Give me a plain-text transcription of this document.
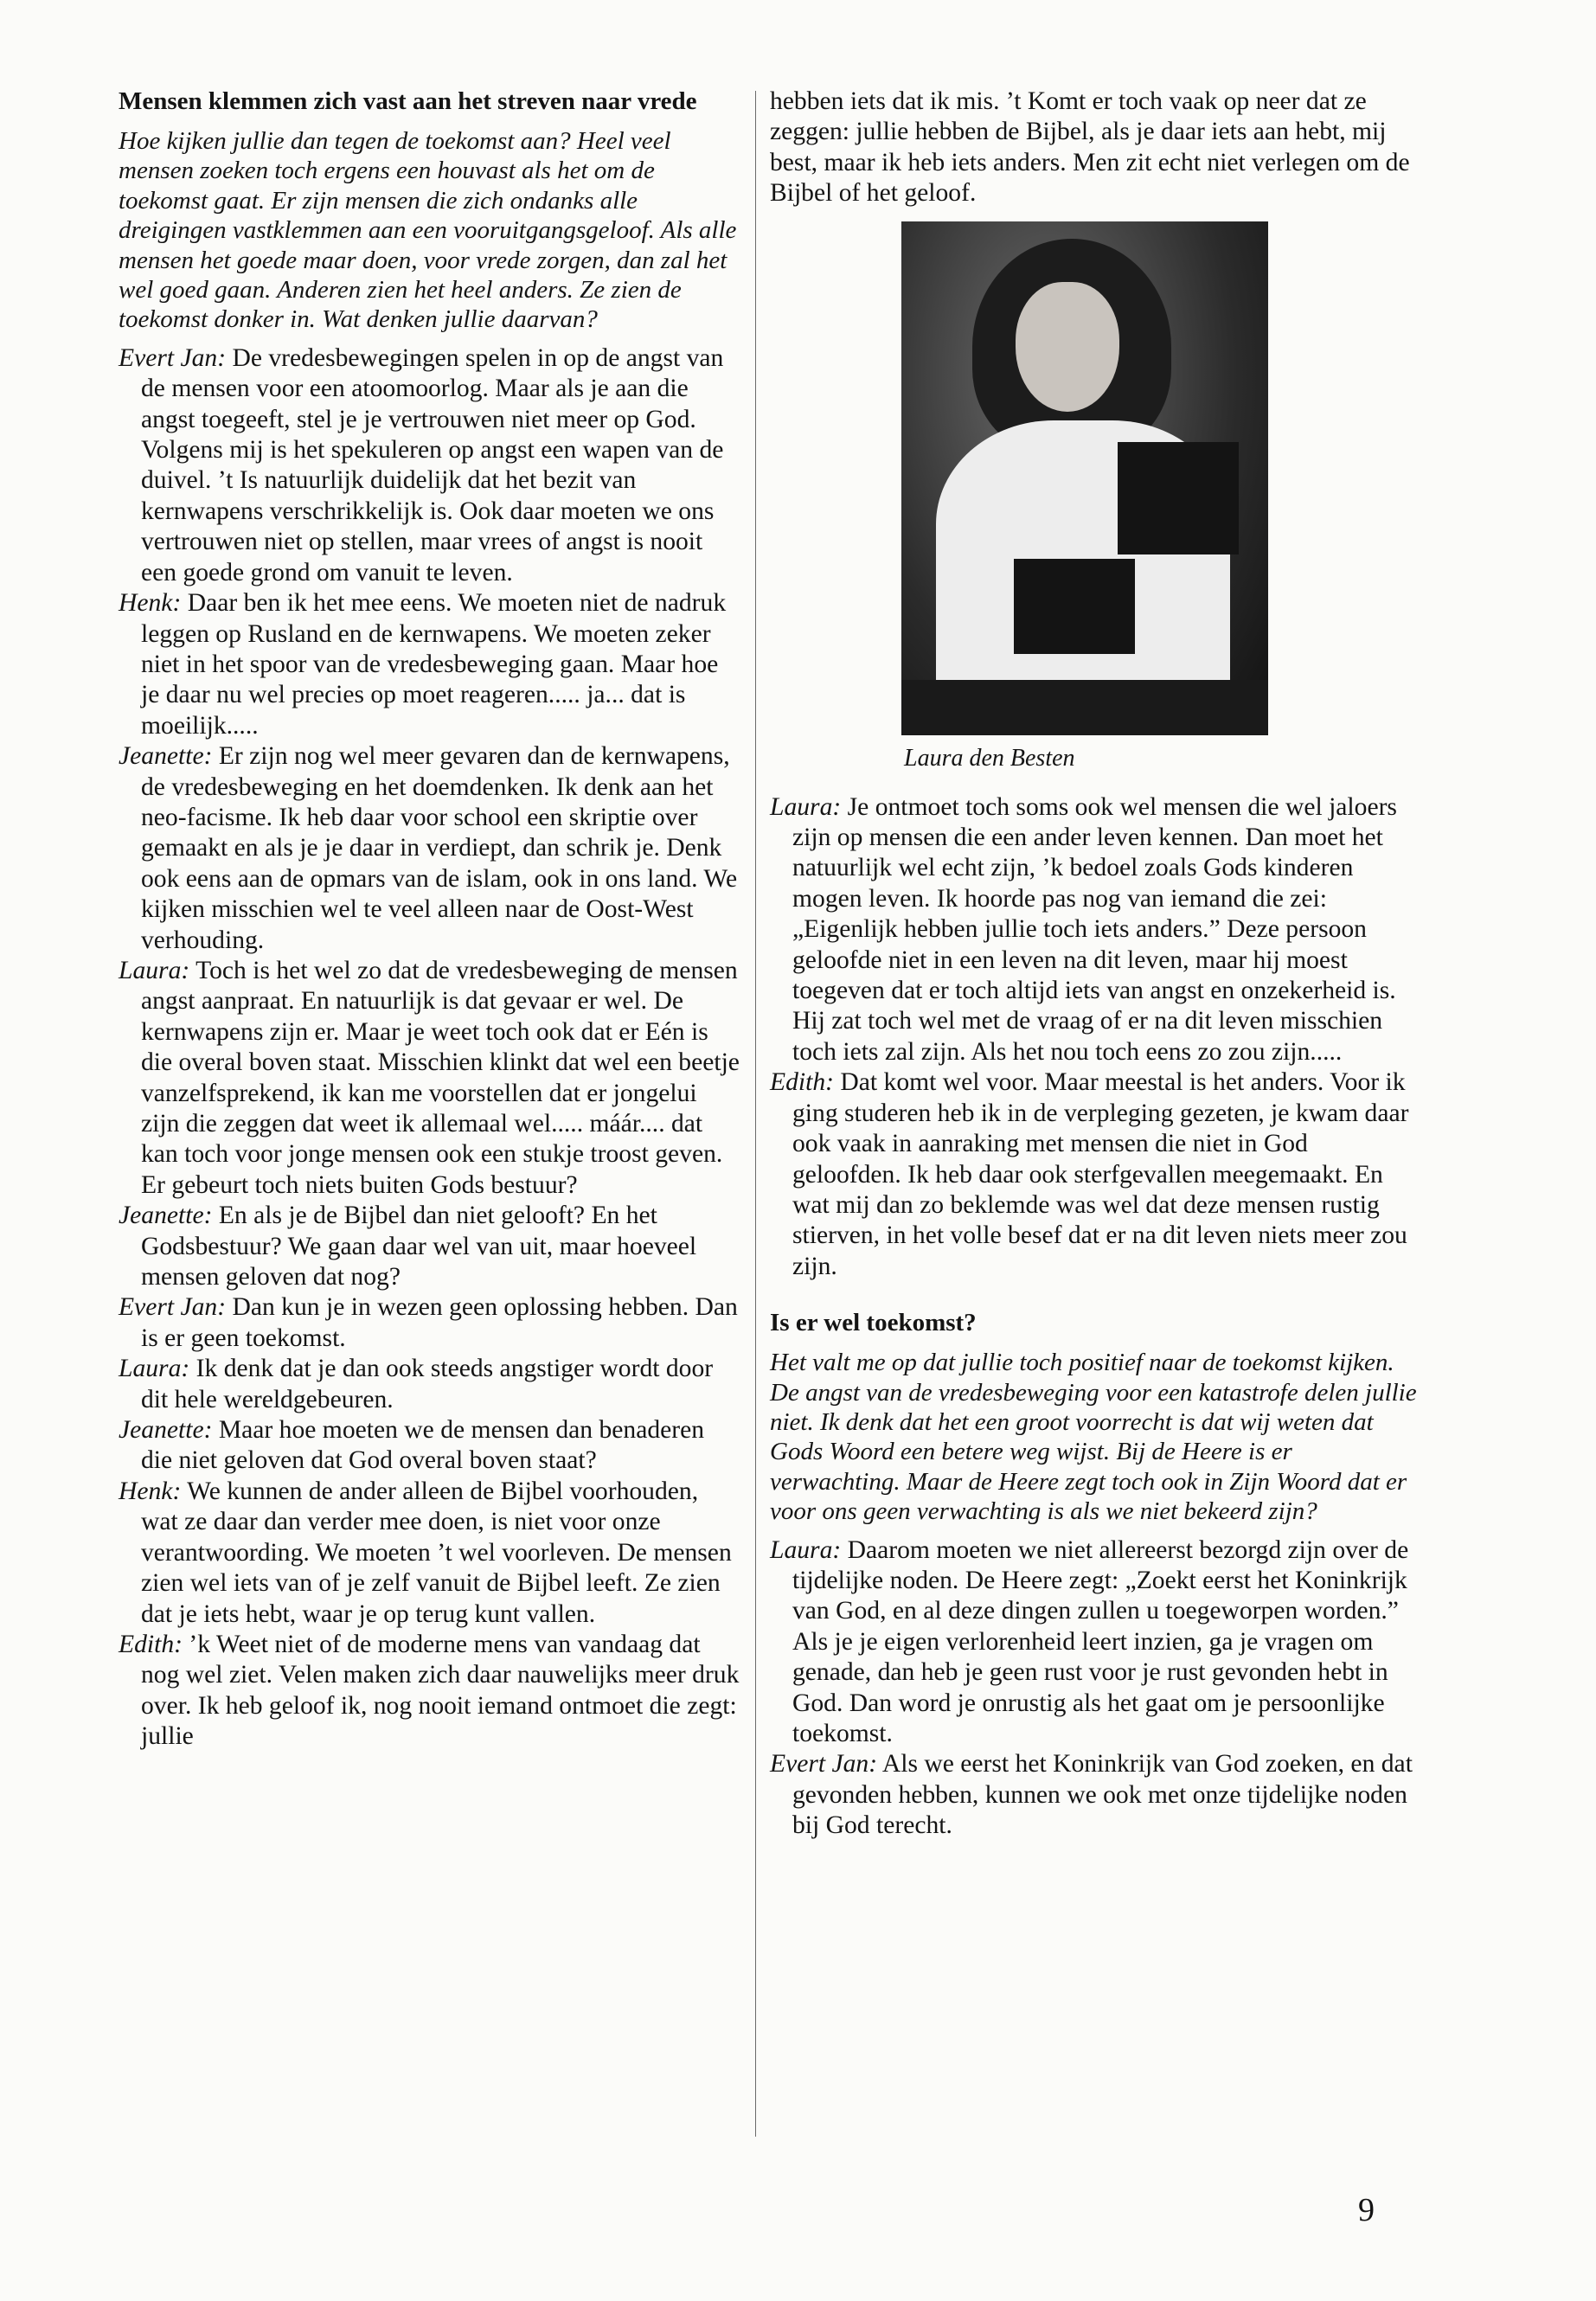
Mensen klemmen zich vast aan het streven naar vrede

Hoe kijken jullie dan tegen de toekomst aan? Heel veel mensen zoeken toch ergens een houvast als het om de toekomst gaat. Er zijn mensen die zich ondanks alle dreigingen vastklemmen aan een vooruitgangsgeloof. Als alle mensen het goede maar doen, voor vrede zorgen, dan zal het wel goed gaan. Anderen zien het heel anders. Ze zien de toekomst donker in. Wat denken jullie daarvan?

Evert Jan: De vredesbewegingen spelen in op de angst van de mensen voor een atoomoorlog. Maar als je aan die angst toegeeft, stel je je vertrouwen niet meer op God. Volgens mij is het spekuleren op angst een wapen van de duivel. ’t Is natuurlijk duidelijk dat het bezit van kernwapens verschrikkelijk is. Ook daar moeten we ons vertrouwen niet op stellen, maar vrees of angst is nooit een goede grond om vanuit te leven.

Henk: Daar ben ik het mee eens. We moeten niet de nadruk leggen op Rusland en de kernwapens. We moeten zeker niet in het spoor van de vredesbeweging gaan. Maar hoe je daar nu wel precies op moet reageren..... ja... dat is moeilijk.....

Jeanette: Er zijn nog wel meer gevaren dan de kernwapens, de vredesbeweging en het doemdenken. Ik denk aan het neo-facisme. Ik heb daar voor school een skriptie over gemaakt en als je je daar in verdiept, dan schrik je. Denk ook eens aan de opmars van de islam, ook in ons land. We kijken misschien wel te veel alleen naar de Oost-West verhouding.

Laura: Toch is het wel zo dat de vredesbeweging de mensen angst aanpraat. En natuurlijk is dat gevaar er wel. De kernwapens zijn er. Maar je weet toch ook dat er Eén is die overal boven staat. Misschien klinkt dat wel een beetje vanzelfsprekend, ik kan me voorstellen dat er jongelui zijn die zeggen dat weet ik allemaal wel..... máár.... dat kan toch voor jonge mensen ook een stukje troost geven. Er gebeurt toch niets buiten Gods bestuur?

Jeanette: En als je de Bijbel dan niet gelooft? En het Godsbestuur? We gaan daar wel van uit, maar hoeveel mensen geloven dat nog?

Evert Jan: Dan kun je in wezen geen oplossing hebben. Dan is er geen toekomst.

Laura: Ik denk dat je dan ook steeds angstiger wordt door dit hele wereldgebeuren.

Jeanette: Maar hoe moeten we de mensen dan benaderen die niet geloven dat God overal boven staat?

Henk: We kunnen de ander alleen de Bijbel voorhouden, wat ze daar dan verder mee doen, is niet voor onze verantwoording. We moeten ’t wel voorleven. De mensen zien wel iets van of je zelf vanuit de Bijbel leeft. Ze zien dat je iets hebt, waar je op terug kunt vallen.

Edith: ’k Weet niet of de moderne mens van vandaag dat nog wel ziet. Velen maken zich daar nauwelijks meer druk over. Ik heb geloof ik, nog nooit iemand ontmoet die zegt: jullie

hebben iets dat ik mis. ’t Komt er toch vaak op neer dat ze zeggen: jullie hebben de Bijbel, als je daar iets aan hebt, mij best, maar ik heb iets anders. Men zit echt niet verlegen om de Bijbel of het geloof.

Laura den Besten

Laura: Je ontmoet toch soms ook wel mensen die wel jaloers zijn op mensen die een ander leven kennen. Dan moet het natuurlijk wel echt zijn, ’k bedoel zoals Gods kinderen mogen leven. Ik hoorde pas nog van iemand die zei: „Eigenlijk hebben jullie toch iets anders.” Deze persoon geloofde niet in een leven na dit leven, maar hij moest toegeven dat er toch altijd iets van angst en onzekerheid is. Hij zat toch wel met de vraag of er na dit leven misschien toch iets zal zijn. Als het nou toch eens zo zou zijn.....

Edith: Dat komt wel voor. Maar meestal is het anders. Voor ik ging studeren heb ik in de verpleging gezeten, je kwam daar ook vaak in aanraking met mensen die niet in God geloofden. Ik heb daar ook sterfgevallen meegemaakt. En wat mij dan zo beklemde was wel dat deze mensen rustig stierven, in het volle besef dat er na dit leven niets meer zou zijn.

Is er wel toekomst?

Het valt me op dat jullie toch positief naar de toekomst kijken. De angst van de vredesbeweging voor een katastrofe delen jullie niet. Ik denk dat het een groot voorrecht is dat wij weten dat Gods Woord een betere weg wijst. Bij de Heere is er verwachting. Maar de Heere zegt toch ook in Zijn Woord dat er voor ons geen verwachting is als we niet bekeerd zijn?

Laura: Daarom moeten we niet allereerst bezorgd zijn over de tijdelijke noden. De Heere zegt: „Zoekt eerst het Koninkrijk van God, en al deze dingen zullen u toegeworpen worden.” Als je je eigen verlorenheid leert inzien, ga je vragen om genade, dan heb je geen rust voor je rust gevonden hebt in God. Dan word je onrustig als het gaat om je persoonlijke toekomst.

Evert Jan: Als we eerst het Koninkrijk van God zoeken, en dat gevonden hebben, kunnen we ook met onze tijdelijke noden bij God terecht.

9
